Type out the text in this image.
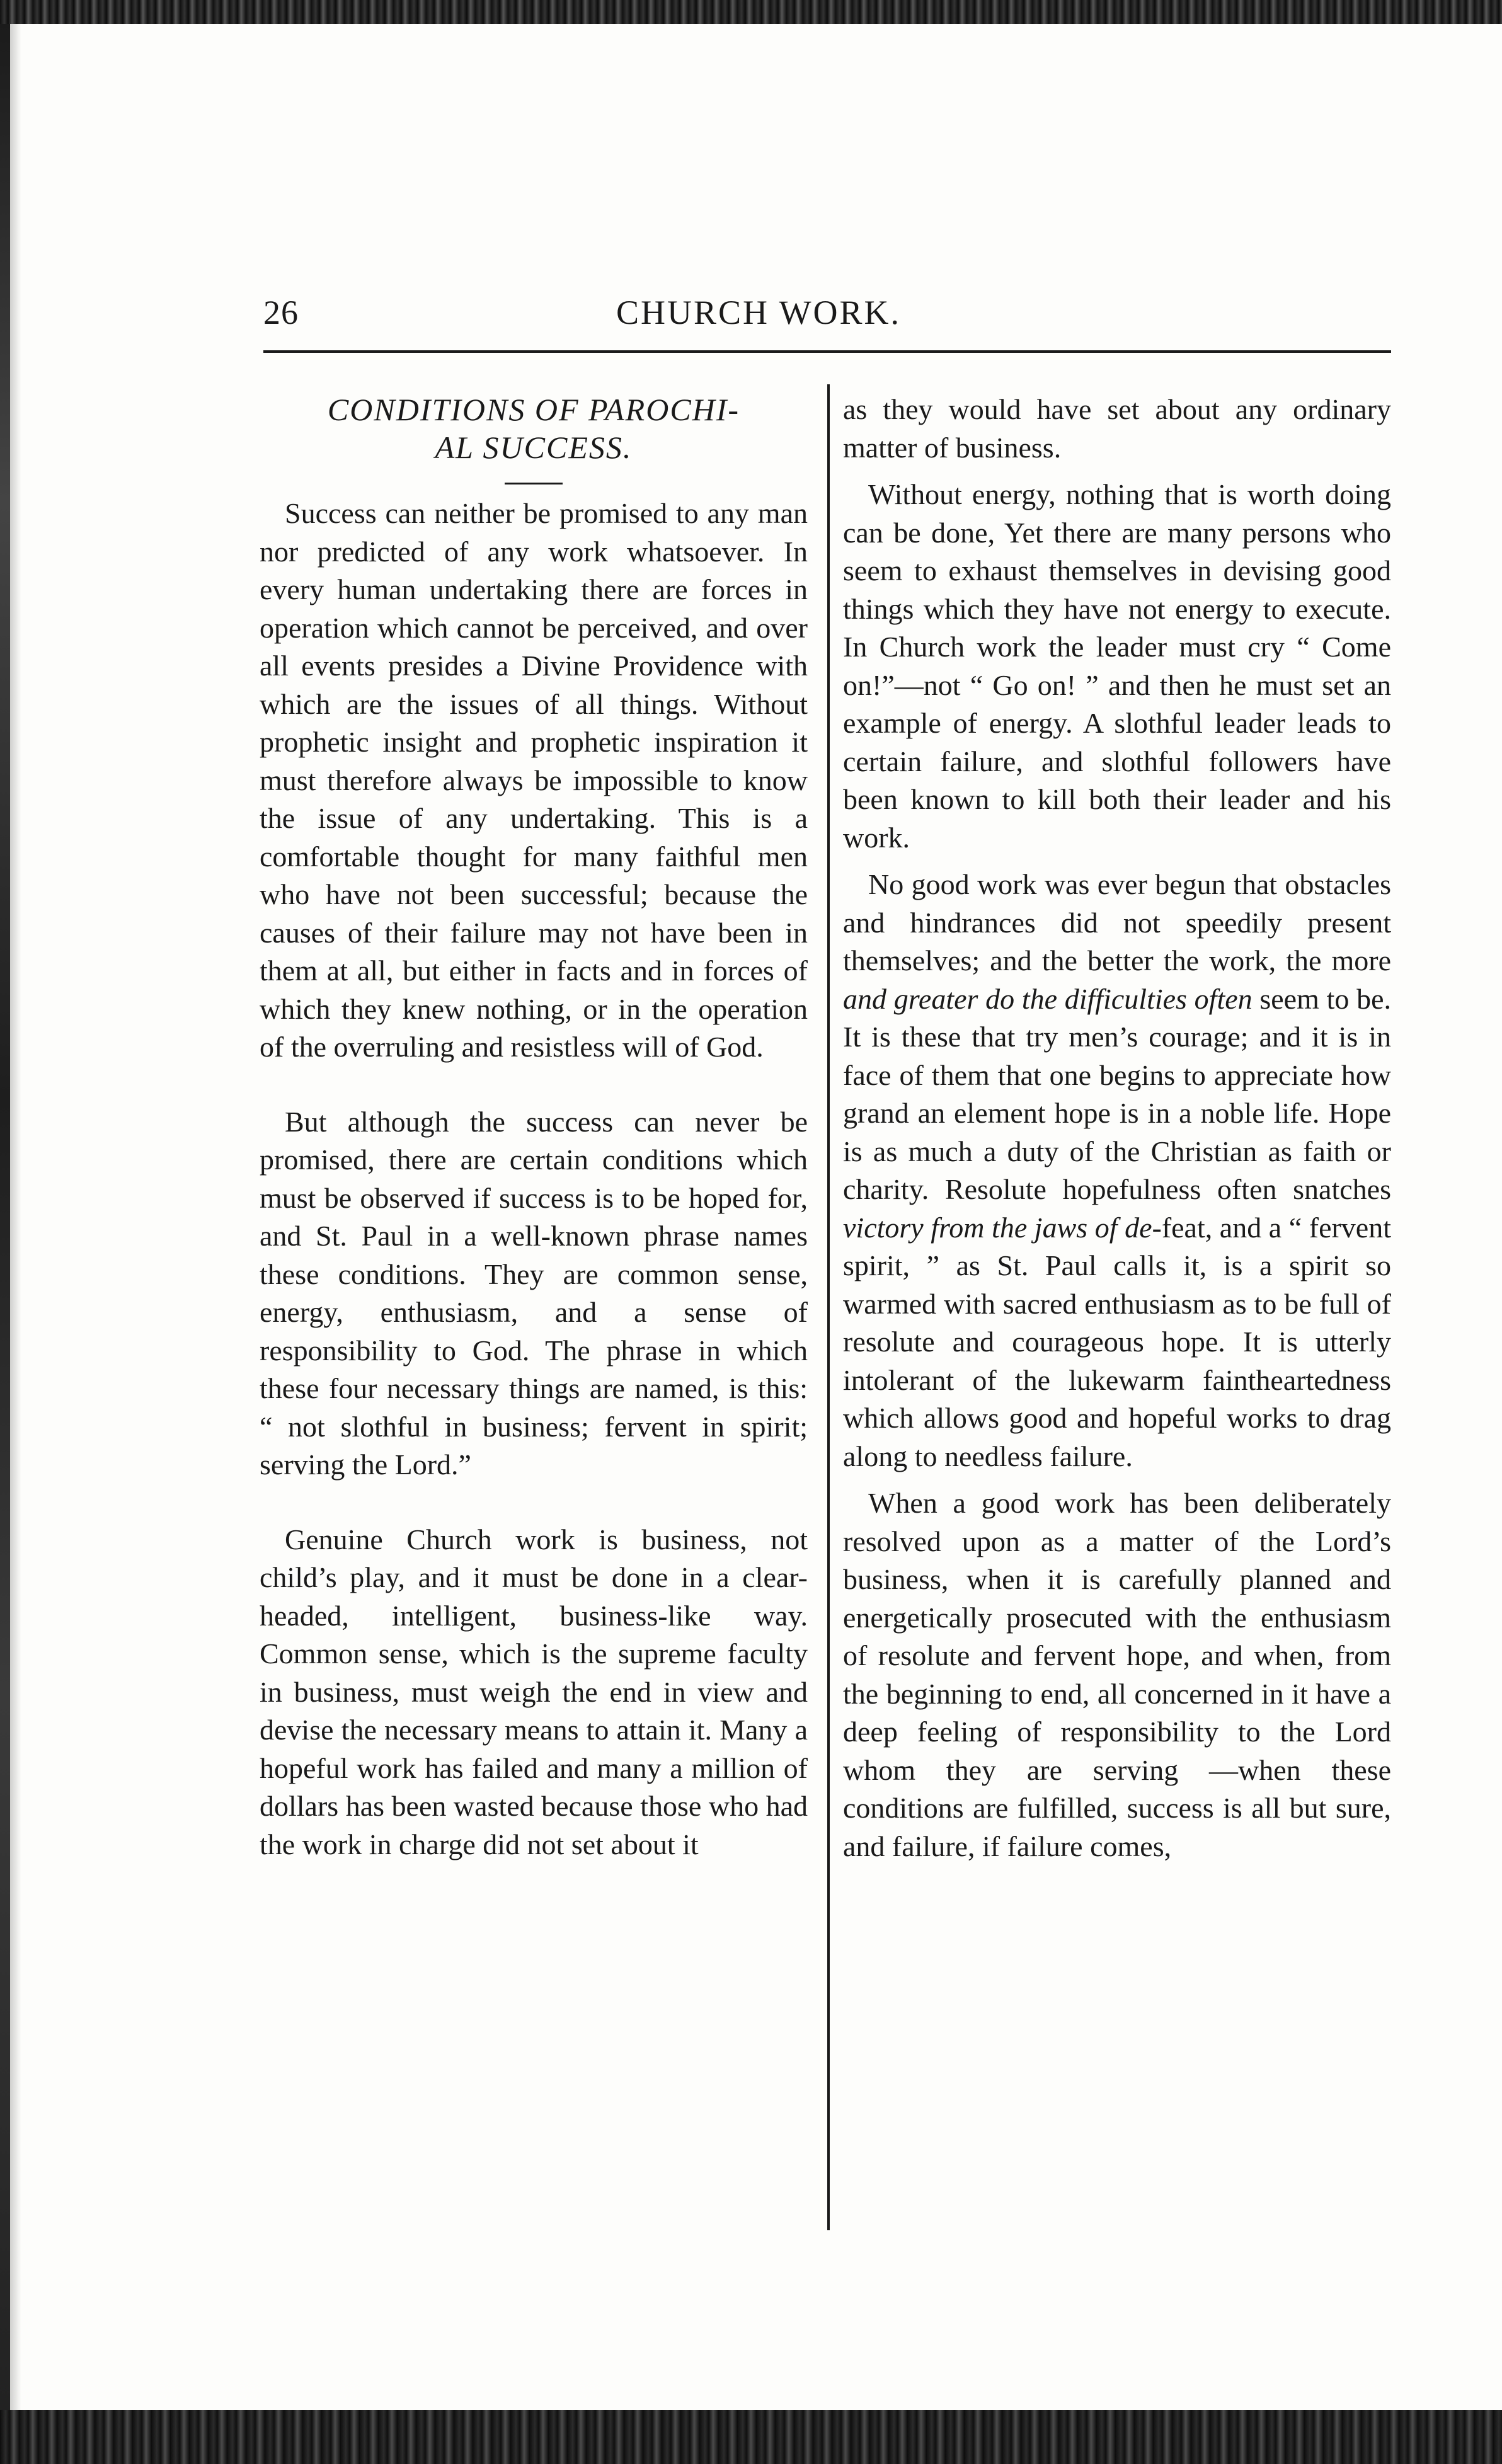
26	CHURCH WORK.
CONDITIONS OF PAROCHI-
AL SUCCESS.

Success can neither be promised to any man nor predicted of any work whatsoever. In every human undertaking there are forces in operation which cannot be perceived, and over all events presides a Divine Providence with which are the issues of all things. Without prophetic insight and prophetic inspiration it must therefore always be impossible to know the issue of any undertaking. This is a comfortable thought for many faithful men who have not been successful; because the causes of their failure may not have been in them at all, but either in facts and in forces of which they knew nothing, or in the operation of the overruling and resistless will of God.

But although the success can never be promised, there are certain conditions which must be observed if success is to be hoped for, and St. Paul in a well-known phrase names these conditions. They are common sense, energy, enthusiasm, and a sense of responsibility to God. The phrase in which these four necessary things are named, is this: “ not slothful in business; fervent in spirit; serving the Lord.”

Genuine Church work is business, not child’s play, and it must be done in a clear-headed, intelligent, business-like way. Common sense, which is the supreme faculty in business, must weigh the end in view and devise the necessary means to attain it. Many a hopeful work has failed and many a million of dollars has been wasted because those who had the work in charge did not set about it

as they would have set about any ordinary matter of business.

Without energy, nothing that is worth doing can be done, Yet there are many persons who seem to exhaust themselves in devising good things which they have not energy to execute. In Church work the leader must cry “ Come on!”—not “ Go on! ” and then he must set an example of energy. A slothful leader leads to certain failure, and slothful followers have been known to kill both their leader and his work.

No good work was ever begun that obstacles and hindrances did not speedily present themselves; and the better the work, the more and greater do the difficulties often seem to be. It is these that try men’s courage; and it is in face of them that one begins to appreciate how grand an element hope is in a noble life. Hope is as much a duty of the Christian as faith or charity. Resolute hopefulness often snatches victory from the jaws of de-feat, and a “ fervent spirit, ” as St. Paul calls it, is a spirit so warmed with sacred enthusiasm as to be full of resolute and courageous hope. It is utterly intolerant of the lukewarm faintheartedness which allows good and hopeful works to drag along to needless failure.

When a good work has been deliberately resolved upon as a matter of the Lord’s business, when it is carefully planned and energetically prosecuted with the enthusiasm of resolute and fervent hope, and when, from the beginning to end, all concerned in it have a deep feeling of responsibility to the Lord whom they are serving —when these conditions are fulfilled, success is all but sure, and failure, if failure comes,
